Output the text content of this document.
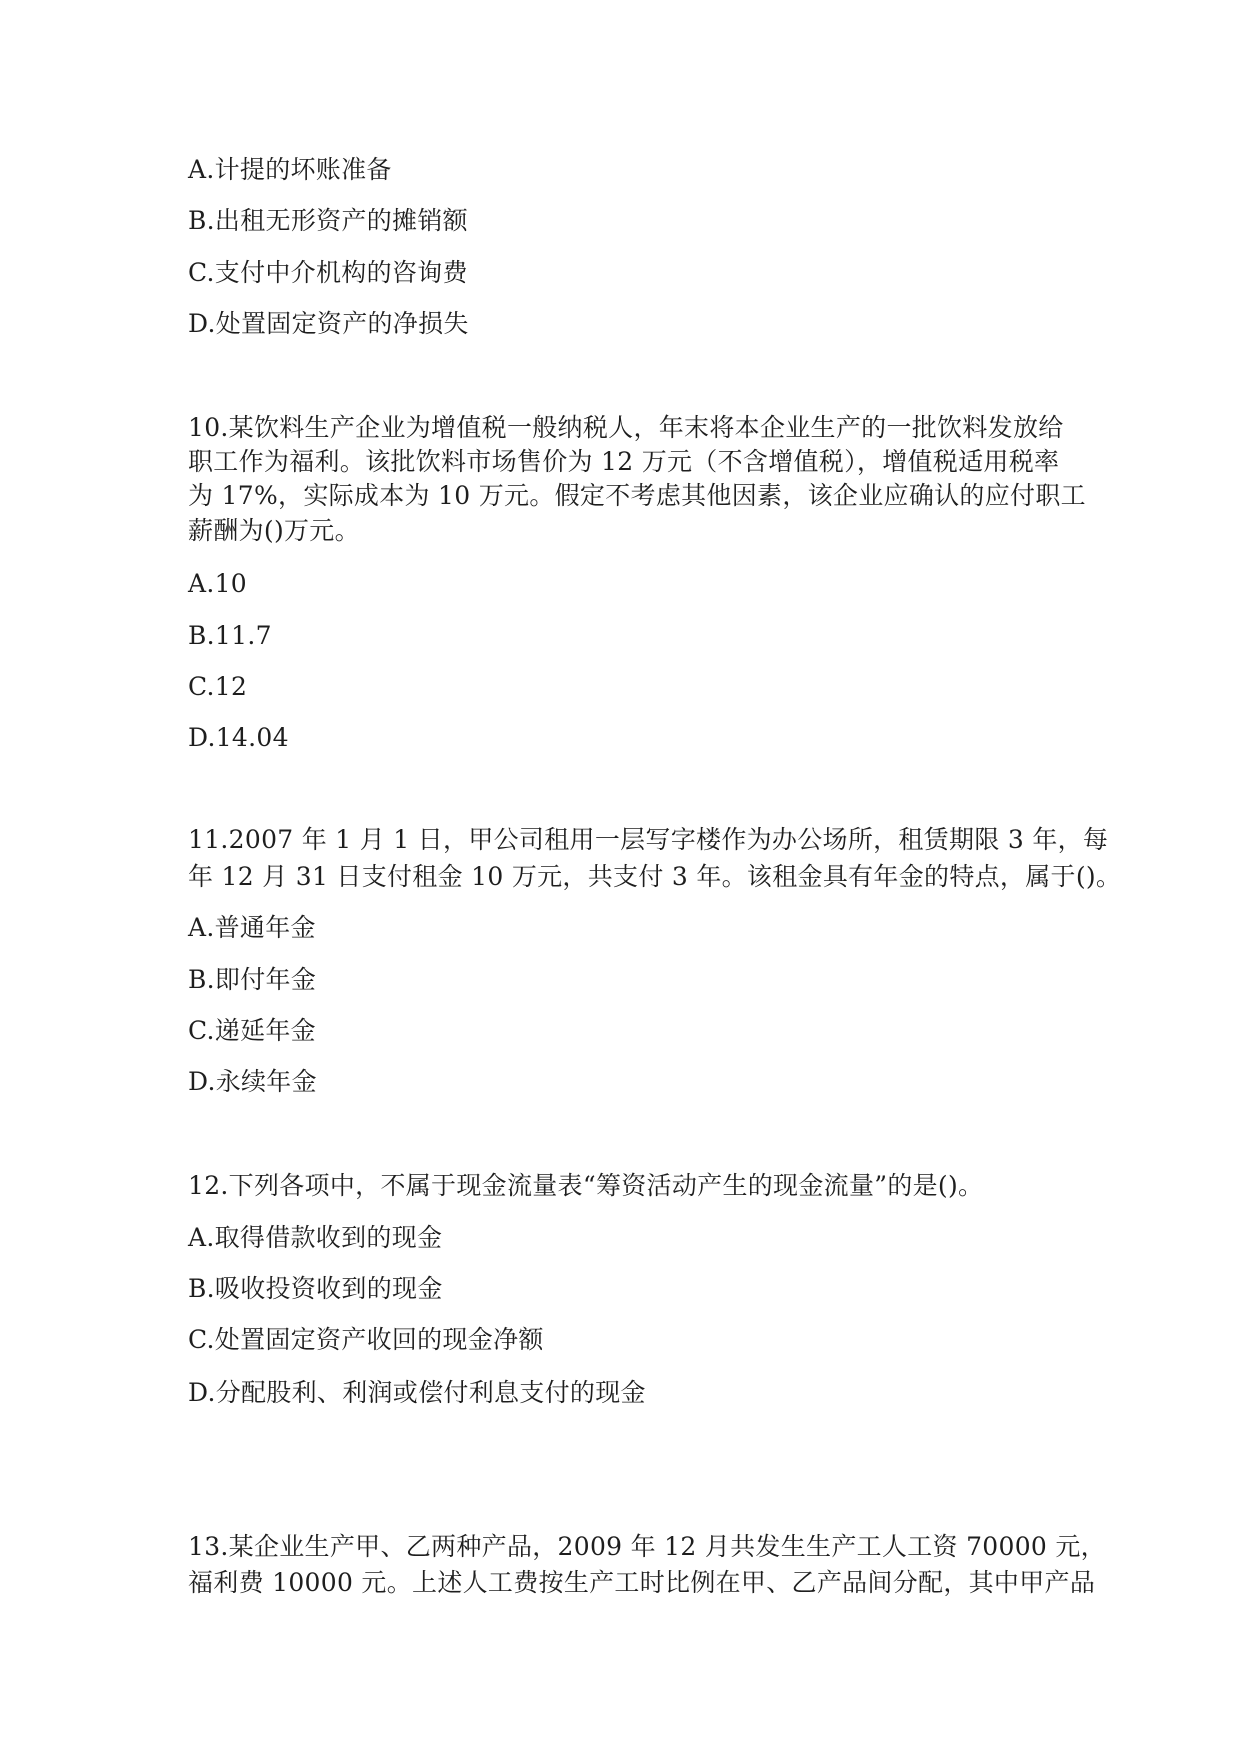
A.计提的坏账准备
B.出租无形资产的摊销额
C.支付中介机构的咨询费
D.处置固定资产的净损失
10.某饮料生产企业为增值税一般纳税人，年末将本企业生产的一批饮料发放给
职工作为福利。该批饮料市场售价为 12 万元（不含增值税），增值税适用税率
为 17%，实际成本为 10 万元。假定不考虑其他因素，该企业应确认的应付职工
薪酬为()万元。
A.10
B.11.7
C.12
D.14.04
11.2007 年 1 月 1 日，甲公司租用一层写字楼作为办公场所，租赁期限 3 年，每
年 12 月 31 日支付租金 10 万元，共支付 3 年。该租金具有年金的特点，属于()。
A.普通年金
B.即付年金
C.递延年金
D.永续年金
12.下列各项中，不属于现金流量表“筹资活动产生的现金流量”的是()。
A.取得借款收到的现金
B.吸收投资收到的现金
C.处置固定资产收回的现金净额
D.分配股利、利润或偿付利息支付的现金
13.某企业生产甲、乙两种产品，2009 年 12 月共发生生产工人工资 70000 元，
福利费 10000 元。上述人工费按生产工时比例在甲、乙产品间分配，其中甲产品
